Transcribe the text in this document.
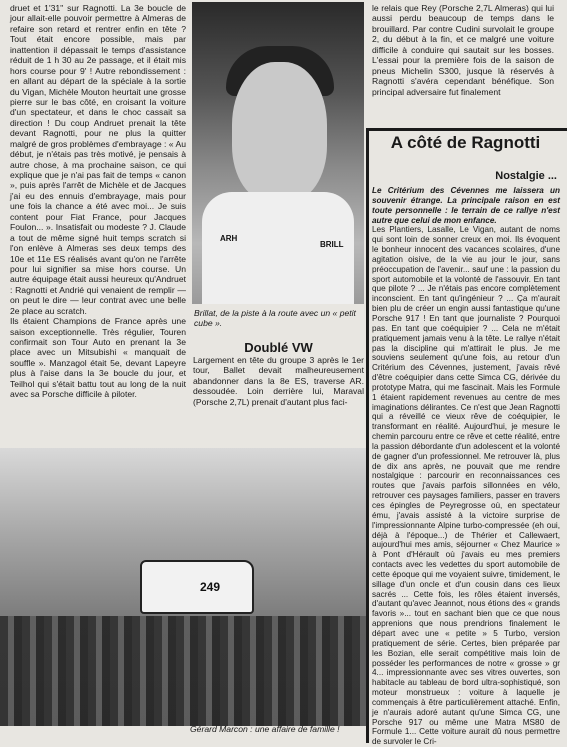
druet et 1'31'' sur Ragnotti. La 3e boucle de jour allait-elle pouvoir permettre à Almeras de refaire son retard et rentrer enfin en tête ? Tout était encore possible, mais par inattention il dépassait le temps d'assistance réduit de 1 h 30 au 2e passage, et il était mis hors course pour 9' ! Autre rebondissement : en allant au départ de la spéciale à la sortie du Vigan, Michèle Mouton heurtait une grosse pierre sur le bas côté, en croisant la voiture d'un spectateur, et dans le choc cassait sa direction ! Du coup Andruet prenait la tête devant Ragnotti, pour ne plus la quitter malgré de gros problèmes d'embrayage : « Au début, je n'étais pas très motivé, je pensais à autre chose, à ma prochaine saison, ce qui explique que je n'ai pas fait de temps « canon », puis après l'arrêt de Michèle et de Jacques j'ai eu des ennuis d'embrayage, mais pour une fois la chance a été avec moi... Je suis content pour Fiat France, pour Jacques Foulon... ». Insatisfait ou modeste ? J. Claude a tout de même signé huit temps scratch si l'on enlève à Almeras ses deux temps des 10e et 11e ES réalisés avant qu'on ne l'arrête pour lui signifier sa mise hors course. Un autre équipage était aussi heureux qu'Andruet : Ragnotti et Andrié qui venaient de remplir — on peut le dire — leur contrat avec une belle 2e place au scratch.

Ils étaient Champions de France après une saison exceptionnelle. Très régulier, Touren confirmait son Tour Auto en prenant la 3e place avec un Mitsubishi « manquait de souffle ». Manzagol était 5e, devant Lapeyre plus à l'aise dans la 3e boucle du jour, et Teilhol qui s'était battu tout au long de la nuit avec sa Porsche difficile à piloter.

ARH
BRILL
Brillat, de la piste à la route avec un « petit cube ».
Doublé VW

Largement en tête du groupe 3 après le 1er tour, Ballet devait malheureusement abandonner dans la 8e ES, traverse AR. dessoudée. Loin derrière lui, Maraval (Porsche 2,7L) prenait d'autant plus faci-

le relais que Rey (Porsche 2,7L Almeras) qui lui aussi perdu beaucoup de temps dans le brouillard. Par contre Cudini survolait le groupe 2, du début à la fin, et ce malgré une voiture difficile à conduire qui sautait sur les bosses. L'essai pour la première fois de la saison de pneus Michelin S300, jusque là réservés à Ragnotti s'avéra cependant bénéfique. Son principal adversaire fut finalement

A côté de Ragnotti
Nostalgie ...

Le Critérium des Cévennes me laissera un souvenir étrange. La principale raison en est toute personnelle : le terrain de ce rallye n'est autre que celui de mon enfance.

Les Plantiers, Lasalle, Le Vigan, autant de noms qui sont loin de sonner creux en moi. Ils évoquent le bonheur innocent des vacances scolaires, d'une agitation oisive, de la vie au jour le jour, sans préoccupation de l'avenir... sauf une : la passion du sport automobile et la volonté de l'assouvir. En tant que pilote ? ... Je n'étais pas encore complètement inconscient. En tant qu'ingénieur ? ... Ça m'aurait bien plu de créer un engin aussi fantastique qu'une Porsche 917 ! En tant que journaliste ? Pourquoi pas. En tant que coéquipier ? ... Cela ne m'était pratiquement jamais venu à la tête. Le rallye n'était pas la discipline qui m'attirait le plus. Je me souviens seulement qu'une fois, au retour d'un Critérium des Cévennes, justement, j'avais rêvé d'être coéquipier dans cette Simca CG, dérivée du prototype Matra, qui me fascinait. Mais les Formule 1 étaient rapidement revenues au centre de mes imaginations délirantes. Ce n'est que Jean Ragnotti qui a réveillé ce vieux rêve de coéquipier, le transformant en réalité. Aujourd'hui, je mesure le chemin parcouru entre ce rêve et cette réalité, entre la passion débordante d'un adolescent et la volonté de gagner d'un professionnel. Me retrouver là, plus de dix ans après, ne pouvait que me rendre nostalgique : parcourir en reconnaissances ces routes que j'avais parfois sillonnées en vélo, retrouver ces paysages familiers, passer en travers ces épingles de Peyregrosse où, en spectateur ému, j'avais assisté à la victoire surprise de l'impressionnante Alpine turbo-compressée (eh oui, déjà à l'époque...) de Thérier et Callewaert, aujourd'hui mes amis, séjourner « Chez Maurice » à Pont d'Hérault où j'avais eu mes premiers contacts avec les vedettes du sport automobile de cette époque qui me voyaient suivre, timidement, le sillage d'un oncle et d'un cousin dans ces lieux sacrés ... Cette fois, les rôles étaient inversés, d'autant qu'avec Jeannot, nous étions des « grands favoris »... tout en sachant bien que ce que nous apprenions que nous prendrions finalement le départ avec une « petite » 5 Turbo, version pratiquement de série. Certes, bien préparée par les Bozian, elle serait compétitive mais loin de posséder les performances de notre « grosse » gr 4... impressionnante avec ses vitres ouvertes, son habitacle au tableau de bord ultra-sophistiqué, son moteur monstrueux : voiture à laquelle je commençais à être particulièrement attaché. Enfin, je n'aurais adoré autant qu'une Simca CG, une Porsche 917 ou même une Matra MS80 de Formule 1... Cette voiture aurait dû nous permettre de survoler le Cri-

249
Gérard Marcon : une affaire de famille !
